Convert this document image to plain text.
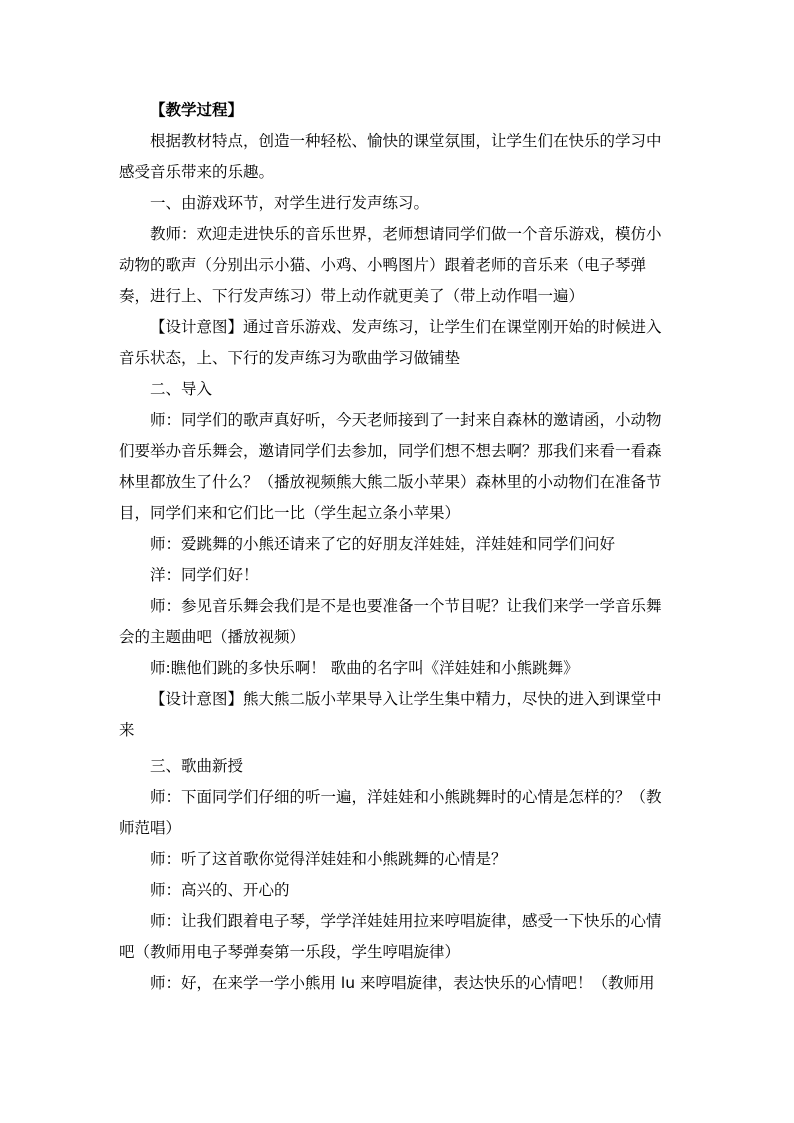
【教学过程】

根据教材特点，创造一种轻松、愉快的课堂氛围，让学生们在快乐的学习中感受音乐带来的乐趣。

一、由游戏环节，对学生进行发声练习。

教师：欢迎走进快乐的音乐世界，老师想请同学们做一个音乐游戏，模仿小动物的歌声（分别出示小猫、小鸡、小鸭图片）跟着老师的音乐来（电子琴弹奏，进行上、下行发声练习）带上动作就更美了（带上动作唱一遍）

【设计意图】通过音乐游戏、发声练习，让学生们在课堂刚开始的时候进入音乐状态，上、下行的发声练习为歌曲学习做铺垫

二、导入

师：同学们的歌声真好听，今天老师接到了一封来自森林的邀请函，小动物们要举办音乐舞会，邀请同学们去参加，同学们想不想去啊？那我们来看一看森林里都放生了什么？（播放视频熊大熊二版小苹果）森林里的小动物们在准备节目，同学们来和它们比一比（学生起立条小苹果）

师：爱跳舞的小熊还请来了它的好朋友洋娃娃，洋娃娃和同学们问好

洋：同学们好！

师：参见音乐舞会我们是不是也要准备一个节目呢？让我们来学一学音乐舞会的主题曲吧（播放视频）

师:瞧他们跳的多快乐啊！ 歌曲的名字叫《洋娃娃和小熊跳舞》

【设计意图】熊大熊二版小苹果导入让学生集中精力，尽快的进入到课堂中来

三、歌曲新授

师：下面同学们仔细的听一遍，洋娃娃和小熊跳舞时的心情是怎样的？（教师范唱）

师：听了这首歌你觉得洋娃娃和小熊跳舞的心情是？

师：高兴的、开心的

师：让我们跟着电子琴，学学洋娃娃用拉来哼唱旋律，感受一下快乐的心情吧（教师用电子琴弹奏第一乐段，学生哼唱旋律）

师：好，在来学一学小熊用 lu 来哼唱旋律，表达快乐的心情吧！（教师用
